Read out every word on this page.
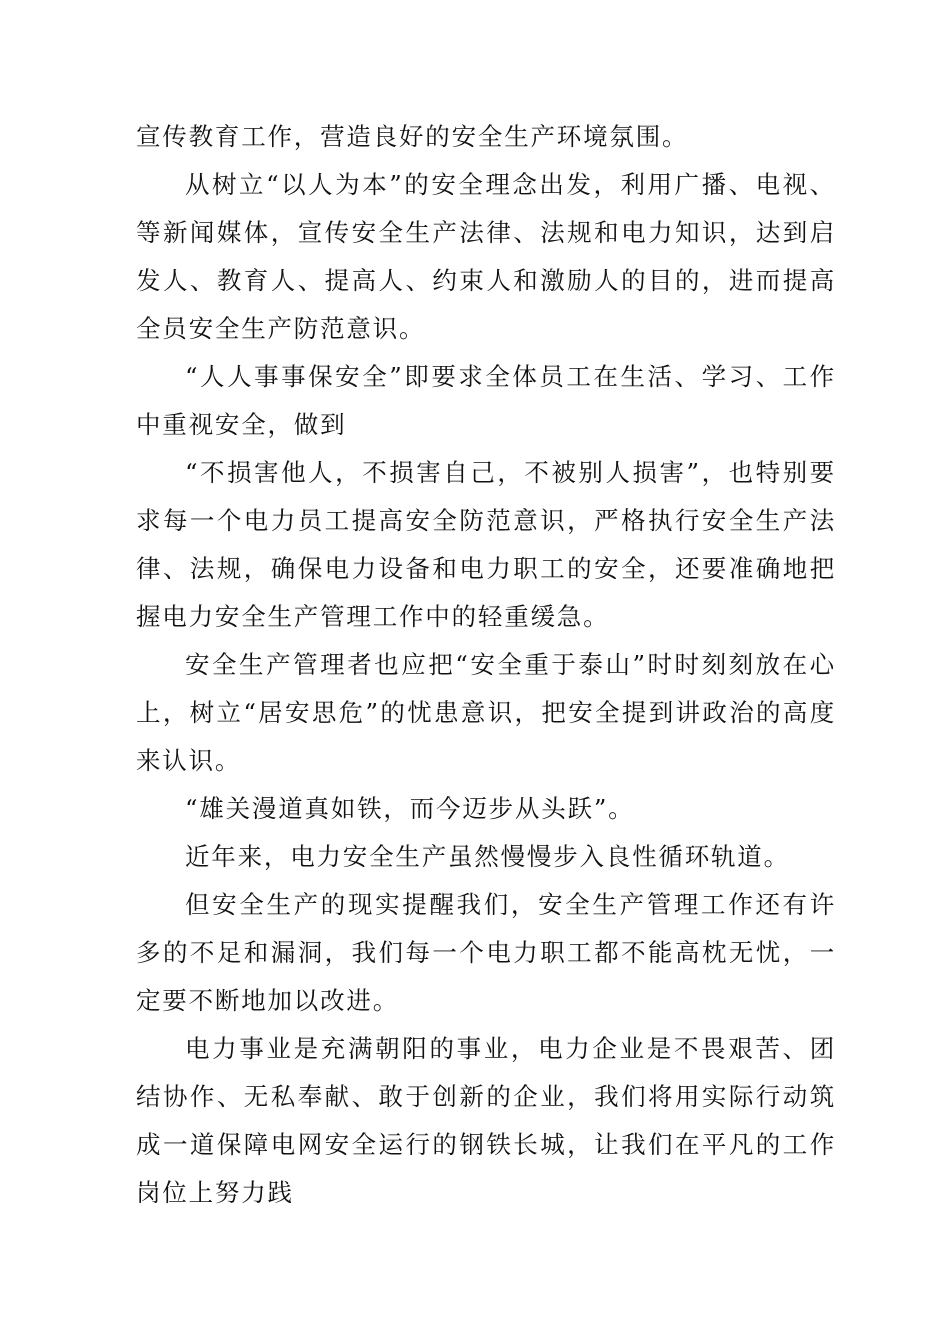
宣传教育工作，营造良好的安全生产环境氛围。

从树立“以人为本”的安全理念出发，利用广播、电视、等新闻媒体，宣传安全生产法律、法规和电力知识，达到启发人、教育人、提高人、约束人和激励人的目的，进而提高全员安全生产防范意识。

“人人事事保安全”即要求全体员工在生活、学习、工作中重视安全，做到

“不损害他人，不损害自己，不被别人损害”，也特别要求每一个电力员工提高安全防范意识，严格执行安全生产法律、法规，确保电力设备和电力职工的安全，还要准确地把握电力安全生产管理工作中的轻重缓急。

安全生产管理者也应把“安全重于泰山”时时刻刻放在心上，树立“居安思危”的忧患意识，把安全提到讲政治的高度来认识。

“雄关漫道真如铁，而今迈步从头跃”。

近年来，电力安全生产虽然慢慢步入良性循环轨道。

但安全生产的现实提醒我们，安全生产管理工作还有许多的不足和漏洞，我们每一个电力职工都不能高枕无忧，一定要不断地加以改进。

电力事业是充满朝阳的事业，电力企业是不畏艰苦、团结协作、无私奉献、敢于创新的企业，我们将用实际行动筑成一道保障电网安全运行的钢铁长城，让我们在平凡的工作岗位上努力践
